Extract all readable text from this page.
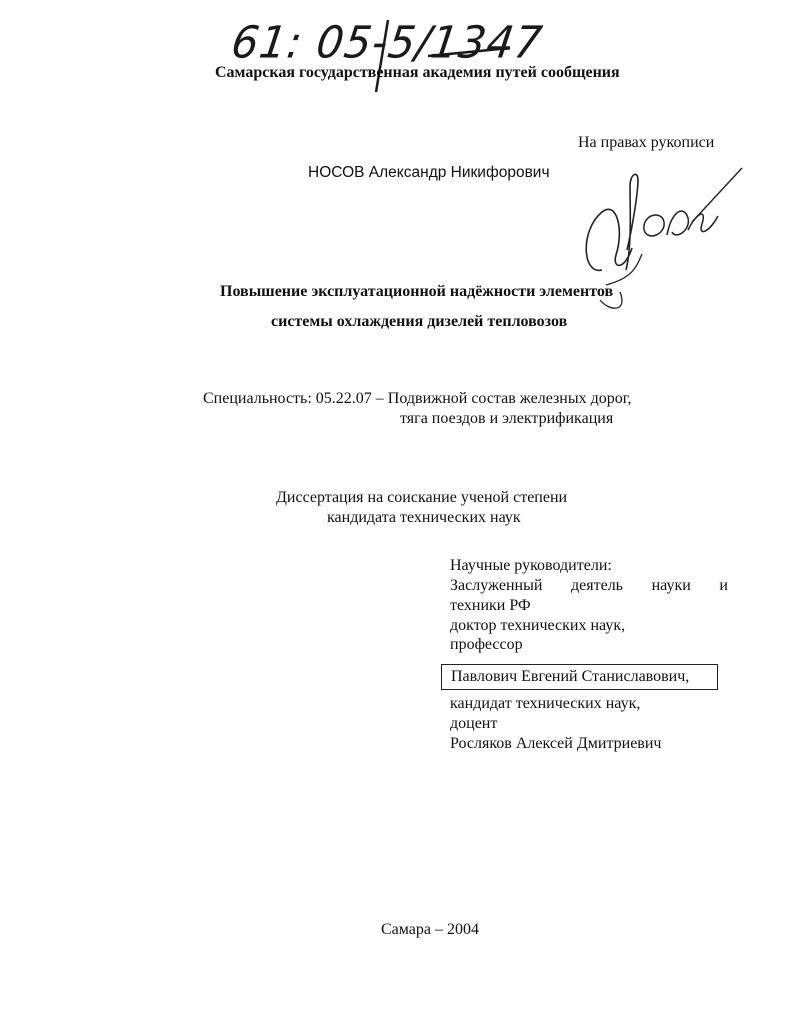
61: 05-5/1347
Самарская государственная академия путей сообщения
На правах рукописи
НОСОВ Александр Никифорович
Повышение эксплуатационной надёжности элементов
системы охлаждения дизелей тепловозов
Специальность: 05.22.07 – Подвижной состав железных дорог,
тяга поездов и электрификация
Диссертация на соискание ученой степени
кандидата технических наук
Научные руководители:
Заслуженный деятель науки и
техники РФ
доктор технических наук,
профессор
Павлович Евгений Станиславович,
кандидат технических наук,
доцент
Росляков Алексей Дмитриевич
Самара – 2004
